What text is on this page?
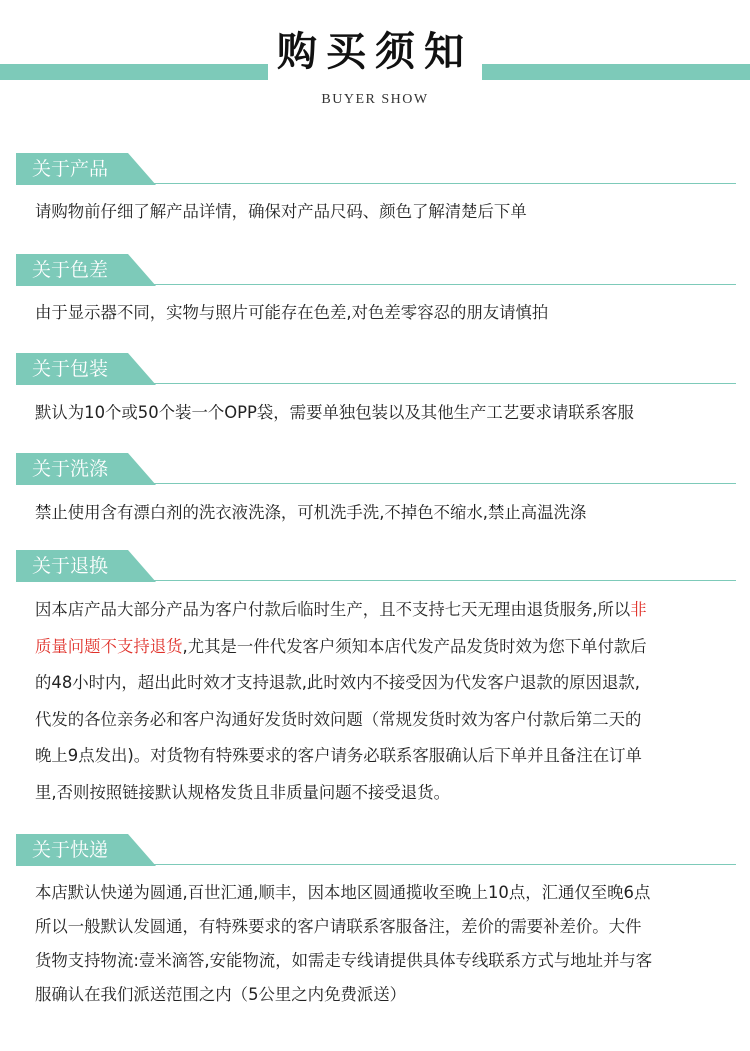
购买须知
BUYER SHOW
关于产品
请购物前仔细了解产品详情，确保对产品尺码、颜色了解清楚后下单
关于色差
由于显示器不同，实物与照片可能存在色差,对色差零容忍的朋友请慎拍
关于包装
默认为10个或50个装一个OPP袋，需要单独包装以及其他生产工艺要求请联系客服
关于洗涤
禁止使用含有漂白剂的洗衣液洗涤，可机洗手洗,不掉色不缩水,禁止高温洗涤
关于退换
因本店产品大部分产品为客户付款后临时生产，且不支持七天无理由退货服务,所以非
质量问题不支持退货,尤其是一件代发客户须知本店代发产品发货时效为您下单付款后
的48小时内，超出此时效才支持退款,此时效内不接受因为代发客户退款的原因退款,
代发的各位亲务必和客户沟通好发货时效问题（常规发货时效为客户付款后第二天的
晚上9点发出)。对货物有特殊要求的客户请务必联系客服确认后下单并且备注在订单
里,否则按照链接默认规格发货且非质量问题不接受退货。
关于快递
本店默认快递为圆通,百世汇通,顺丰，因本地区圆通揽收至晚上10点，汇通仅至晚6点
所以一般默认发圆通，有特殊要求的客户请联系客服备注，差价的需要补差价。大件
货物支持物流:壹米滴答,安能物流，如需走专线请提供具体专线联系方式与地址并与客
服确认在我们派送范围之内（5公里之内免费派送）
